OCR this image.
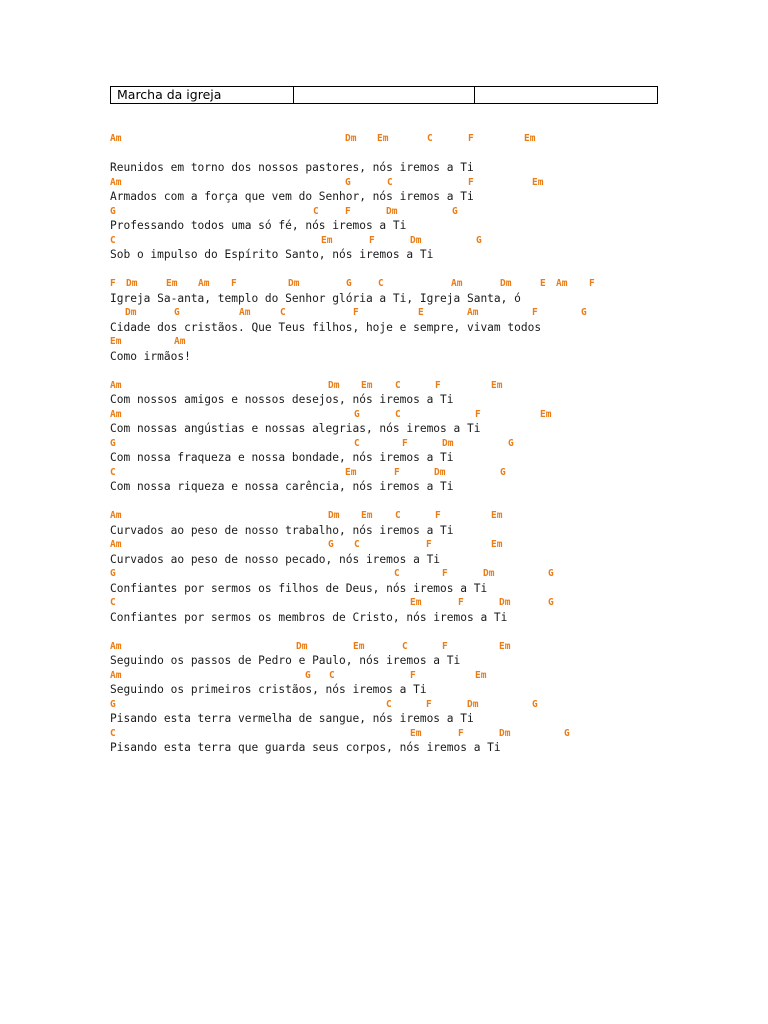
Marcha da igreja		

Am

	Dm

Em

	C

	F

	Em

Reunidos em torno dos nossos pastores, nós iremos a Ti

Am

	G

	C

	F

	Em

Armados com a força que vem do Senhor, nós iremos a Ti

G

	C

	F

	Dm

	G

Professando todos uma só fé, nós iremos a Ti

C

	Em

	F

	Dm

	G

Sob o impulso do Espírito Santo, nós iremos a Ti

F

Dm

	Em

Am

F

	Dm

	G

	C

	Am

	Dm

	E

Am

F

Igreja Sa-anta, templo do Senhor glória a Ti, Igreja Santa, ó

Dm

	G

	Am

	C

	F

	E

	Am

	F

	G

Cidade dos cristãos. Que Teus filhos, hoje e sempre, vivam todos

Em

	Am

Como irmãos!

Am

	Dm

Em

C

	F

	Em

Com nossos amigos e nossos desejos, nós iremos a Ti

Am

	G

	C

	F

	Em

Com nossas angústias e nossas alegrias, nós iremos a Ti

G

	C

	F

	Dm

	G

Com nossa fraqueza e nossa bondade, nós iremos a Ti

C

	Em

	F

	Dm

	G

Com nossa riqueza e nossa carência, nós iremos a Ti

Am

	Dm

Em

C

	F

	Em

Curvados ao peso de nosso trabalho, nós iremos a Ti

Am

	G

C

	F

	Em

Curvados ao peso de nosso pecado, nós iremos a Ti

G

	C

	F

	Dm

	G

Confiantes por sermos os filhos de Deus, nós iremos a Ti

C

	Em

	F

	Dm

	G

Confiantes por sermos os membros de Cristo, nós iremos a Ti

Am

	Dm

	Em

	C

	F

	Em

Seguindo os passos de Pedro e Paulo, nós iremos a Ti

Am

	G

C

	F

	Em

Seguindo os primeiros cristãos, nós iremos a Ti

G

	C

	F

	Dm

	G

Pisando esta terra vermelha de sangue, nós iremos a Ti

C

	Em

	F

	Dm

	G

Pisando esta terra que guarda seus corpos, nós iremos a Ti
